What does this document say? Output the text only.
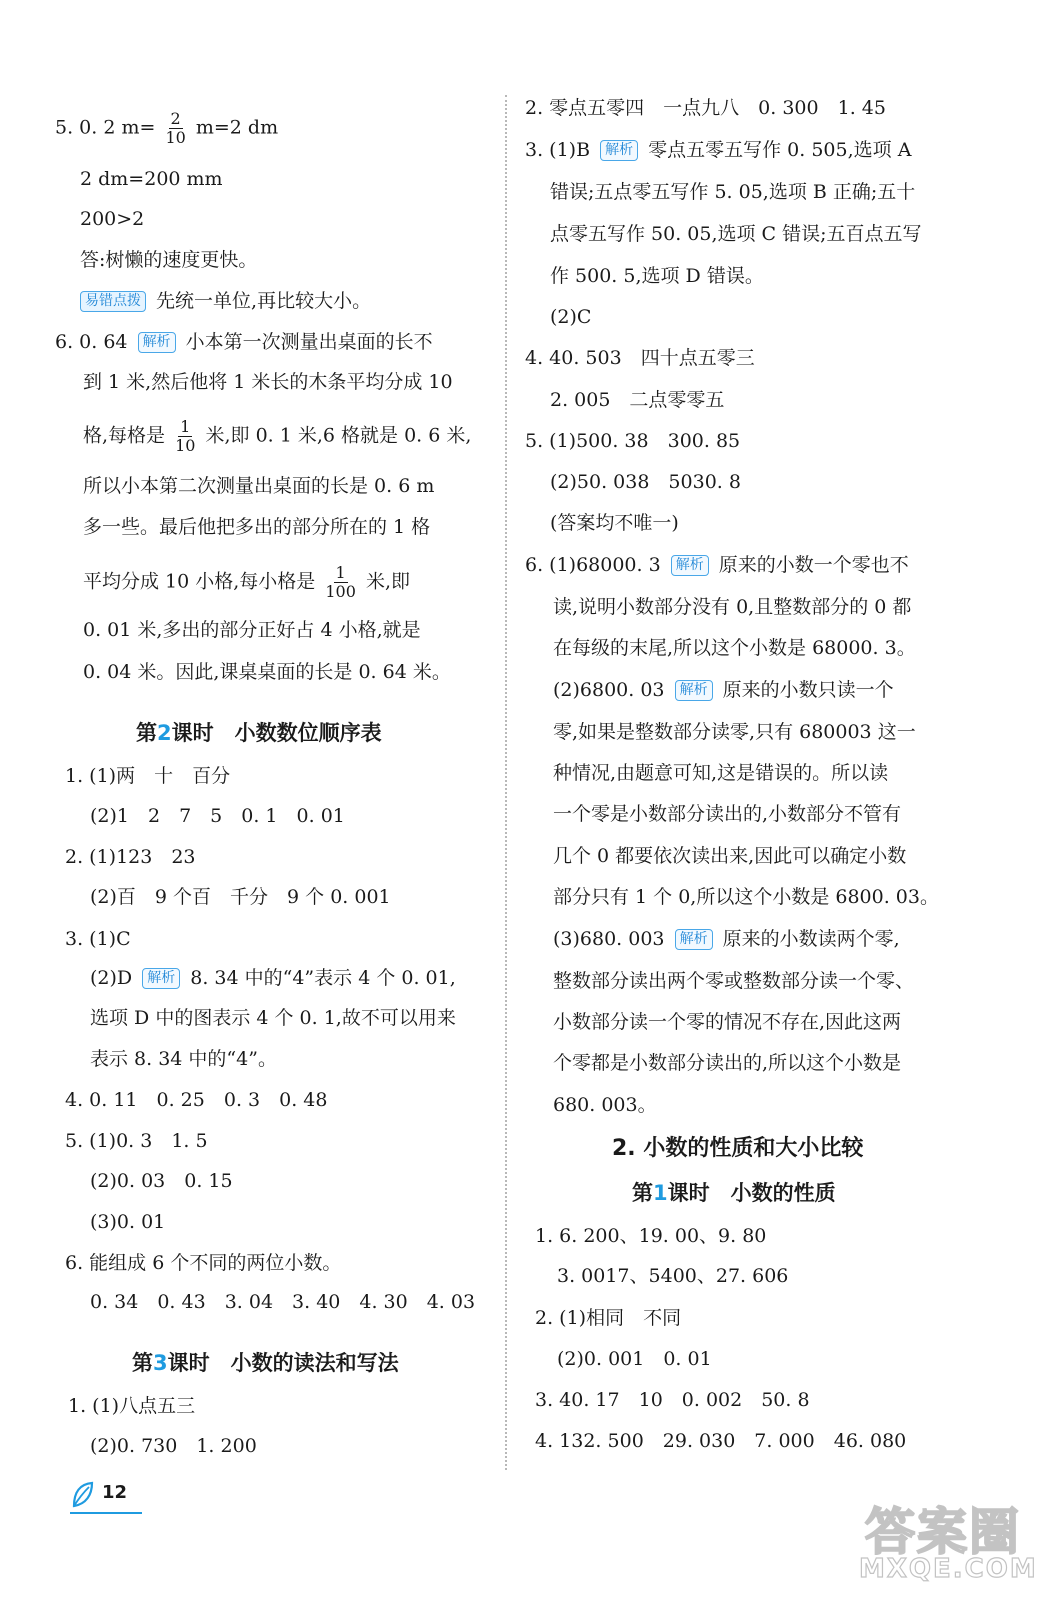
5. 0. 2 $m= \frac{2}{10} m=2$ dm
2 dm=200 mm
200>2
答:树懒的速度更快。
易错点拨 先统一单位,再比较大小。
6. 0. 64 解析 小本第一次测量出桌面的长不
到 1 米,然后他将 1 米长的木条平均分成 10
格,每格是 $\frac{1}{10}$ 米,即 0. 1 米,6 格就是 0. 6 米,
所以小本第二次测量出桌面的长是 0. 6 m
多一些。最后他把多出的部分所在的 1 格
平均分成 10 小格,每小格是 $\frac{1}{100}$ 米,即
0. 01 米,多出的部分正好占 4 小格,就是
0. 04 米。因此,课桌桌面的长是 0. 64 米。
第2课时　小数数位顺序表
1. (1)两　十　百分
(2)1　2　7　5　0. 1　0. 01
2. (1)123　23
(2)百　9 个百　千分　9 个 0. 001
3. (1)C
(2)D 解析 8. 34 中的“4”表示 4 个 0. 01,
选项 D 中的图表示 4 个 0. 1,故不可以用来
表示 8. 34 中的“4”。
4. 0. 11　0. 25　0. 3　0. 48
5. (1)0. 3　1. 5
(2)0. 03　0. 15
(3)0. 01
6. 能组成 6 个不同的两位小数。
0. 34　0. 43　3. 04　3. 40　4. 30　4. 03
第3课时　小数的读法和写法
1. (1)八点五三
(2)0. 730　1. 200
12
2. 零点五零四　一点九八　0. 300　1. 45
3. (1)B 解析 零点五零五写作 0. 505,选项 A
错误;五点零五写作 5. 05,选项 B 正确;五十
点零五写作 50. 05,选项 C 错误;五百点五写
作 500. 5,选项 D 错误。
(2)C
4. 40. 503　四十点五零三
2. 005　二点零零五
5. (1)500. 38　300. 85
(2)50. 038　5030. 8
(答案均不唯一)
6. (1)68000. 3 解析 原来的小数一个零也不
读,说明小数部分没有 0,且整数部分的 0 都
在每级的末尾,所以这个小数是 68000. 3。
(2)6800. 03 解析 原来的小数只读一个
零,如果是整数部分读零,只有 680003 这一
种情况,由题意可知,这是错误的。所以读
一个零是小数部分读出的,小数部分不管有
几个 0 都要依次读出来,因此可以确定小数
部分只有 1 个 0,所以这个小数是 6800. 03。
(3)680. 003 解析 原来的小数读两个零,
整数部分读出两个零或整数部分读一个零、
小数部分读一个零的情况不存在,因此这两
个零都是小数部分读出的,所以这个小数是
680. 003。
2. 小数的性质和大小比较
第1课时　小数的性质
1. 6. 200、19. 00、9. 80
3. 0017、5400、27. 606
2. (1)相同　不同
(2)0. 001　0. 01
3. 40. 17　10　0. 002　50. 8
4. 132. 500　29. 030　7. 000　46. 080
答案圈
MXQE.COM
